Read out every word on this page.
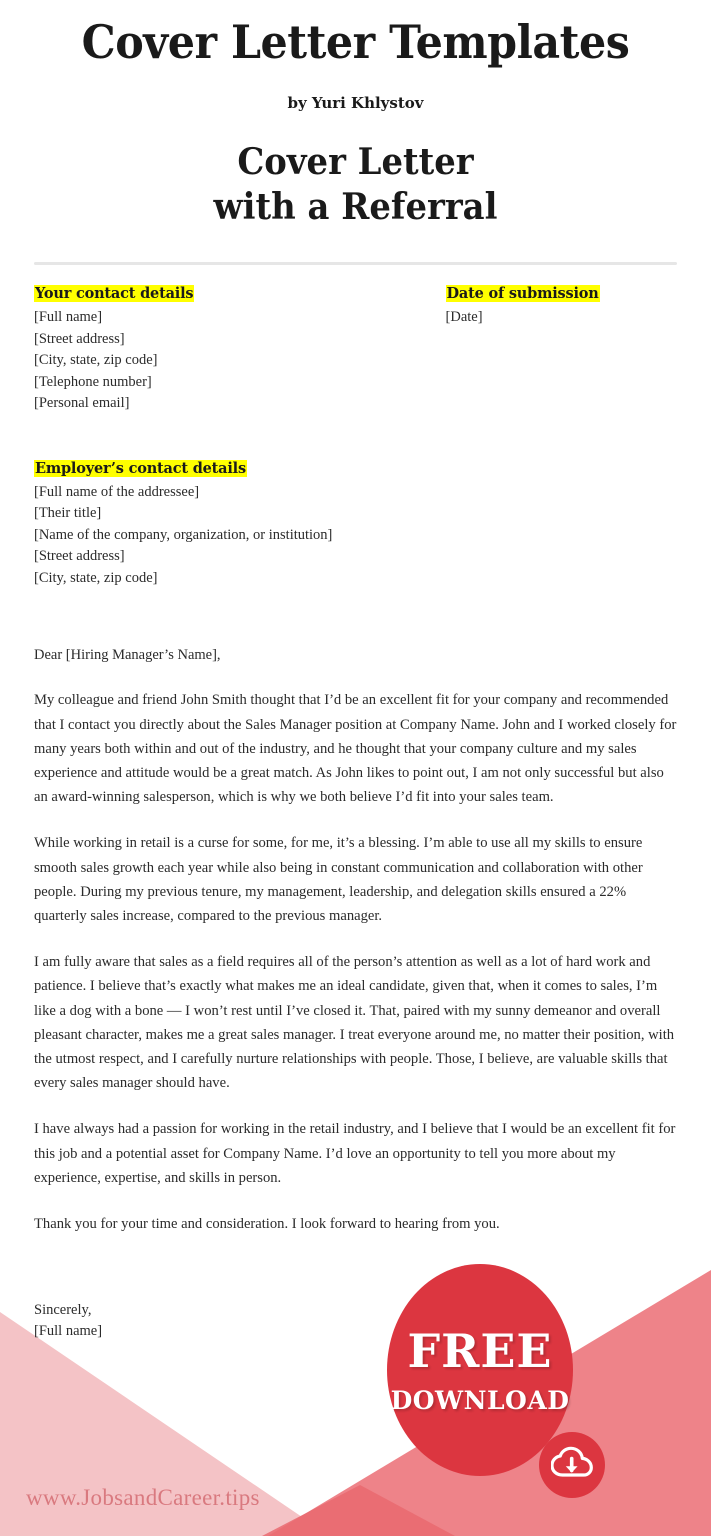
Cover Letter Templates
by Yuri Khlystov
Cover Letter
with a Referral
Your contact details
[Full name]
[Street address]
[City, state, zip code]
[Telephone number]
[Personal email]
Date of submission
[Date]
Employer’s contact details
[Full name of the addressee]
[Their title]
[Name of the company, organization, or institution]
[Street address]
[City, state, zip code]
Dear [Hiring Manager’s Name],

My colleague and friend John Smith thought that I’d be an excellent fit for your company and recommended that I contact you directly about the Sales Manager position at Company Name. John and I worked closely for many years both within and out of the industry, and he thought that your company culture and my sales experience and attitude would be a great match. As John likes to point out, I am not only successful but also an award-winning salesperson, which is why we both believe I’d fit into your sales team.

While working in retail is a curse for some, for me, it’s a blessing. I’m able to use all my skills to ensure smooth sales growth each year while also being in constant communication and collaboration with other people. During my previous tenure, my management, leadership, and delegation skills ensured a 22% quarterly sales increase, compared to the previous manager.

I am fully aware that sales as a field requires all of the person’s attention as well as a lot of hard work and patience. I believe that’s exactly what makes me an ideal candidate, given that, when it comes to sales, I’m like a dog with a bone — I won’t rest until I’ve closed it. That, paired with my sunny demeanor and overall pleasant character, makes me a great sales manager. I treat everyone around me, no matter their position, with the utmost respect, and I carefully nurture relationships with people. Those, I believe, are valuable skills that every sales manager should have.

I have always had a passion for working in the retail industry, and I believe that I would be an excellent fit for this job and a potential asset for Company Name. I’d love an opportunity to tell you more about my experience, expertise, and skills in person.

Thank you for your time and consideration. I look forward to hearing from you.

Sincerely,
[Full name]	FREE
DOWNLOAD
www.JobsandCareer.tips
